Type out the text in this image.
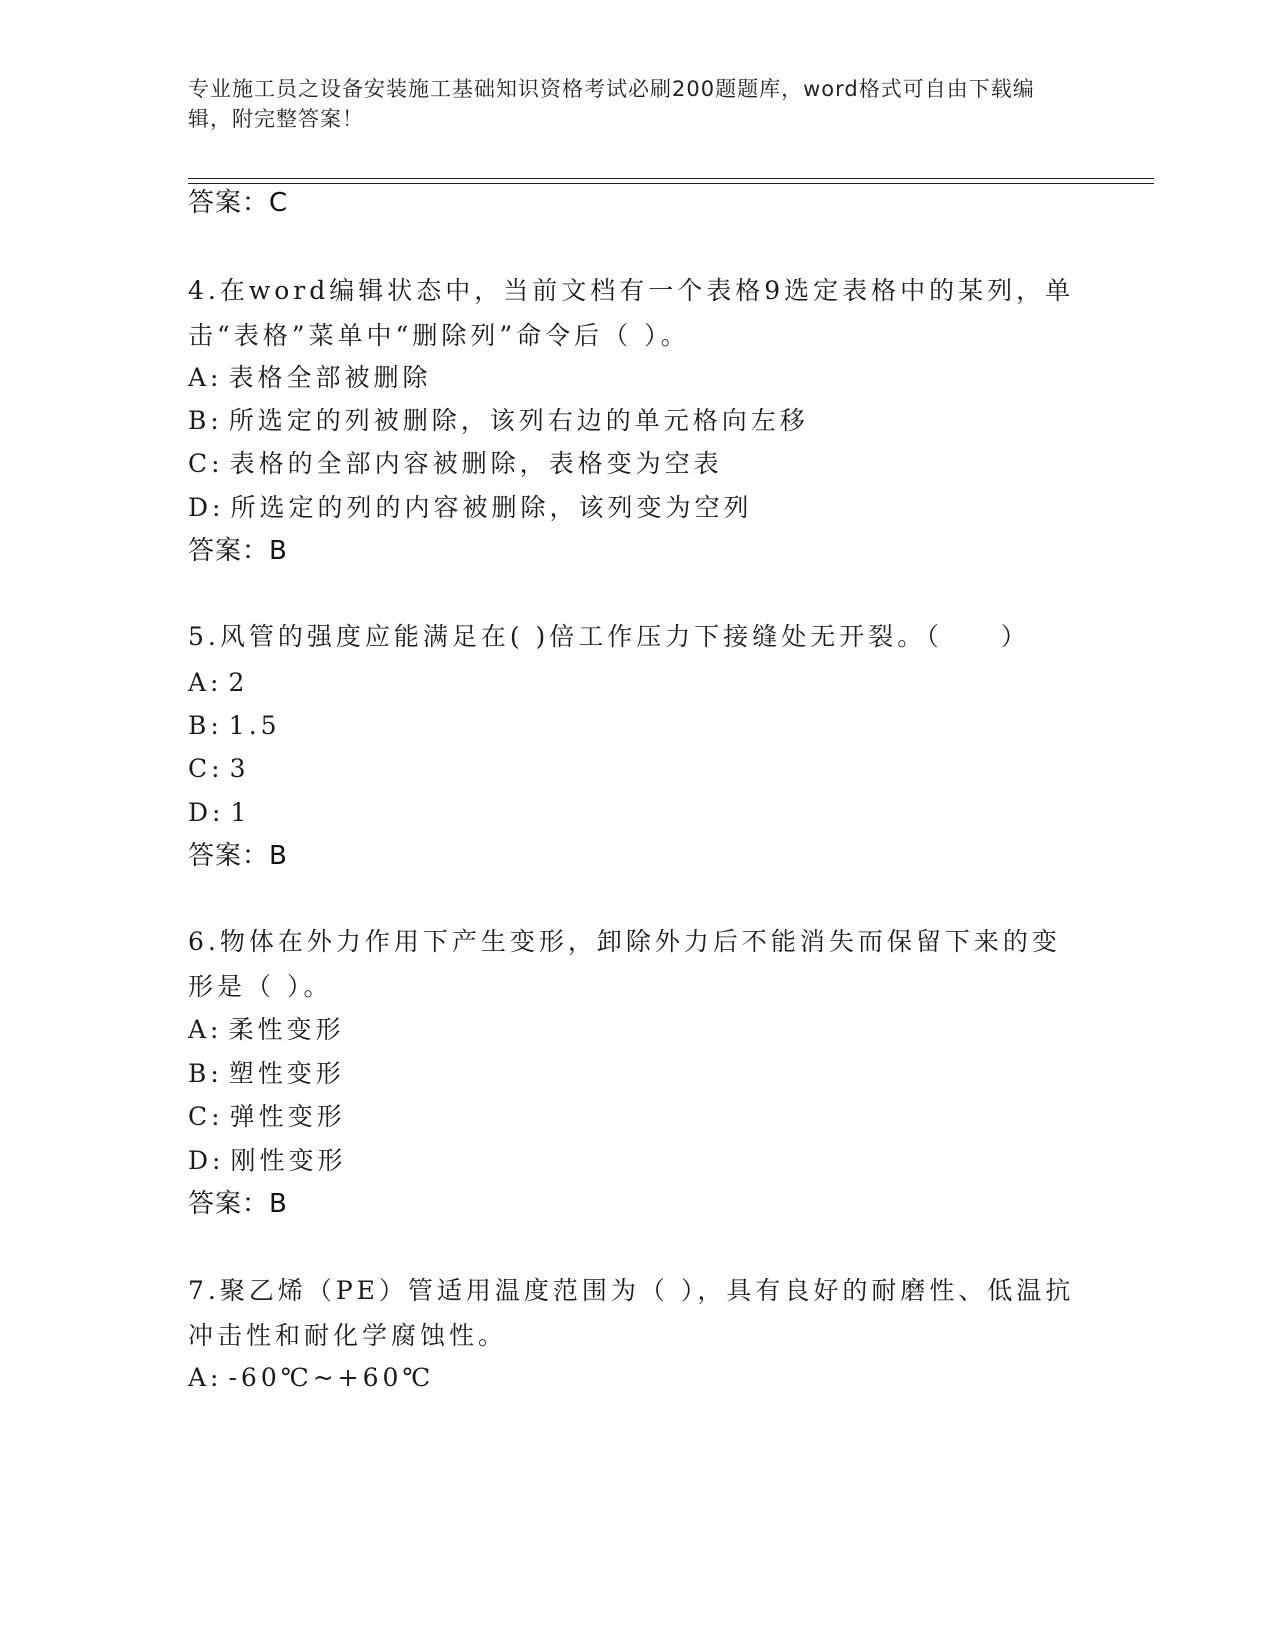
专业施工员之设备安装施工基础知识资格考试必刷200题题库，word格式可自由下载编辑，附完整答案！
答案：C
4.在word编辑状态中，当前文档有一个表格9选定表格中的某列，单击“表格”菜单中“删除列”命令后（ ）。
A: 表格全部被删除
B: 所选定的列被删除，该列右边的单元格向左移
C: 表格的全部内容被删除，表格变为空表
D: 所选定的列的内容被删除，该列变为空列
答案：B
5.风管的强度应能满足在( )倍工作压力下接缝处无开裂。（　　）
A: 2
B: 1.5
C: 3
D: 1
答案：B
6.物体在外力作用下产生变形，卸除外力后不能消失而保留下来的变形是（ ）。
A: 柔性变形
B: 塑性变形
C: 弹性变形
D: 刚性变形
答案：B
7.聚乙烯（PE）管适用温度范围为（ ），具有良好的耐磨性、低温抗冲击性和耐化学腐蚀性。
A: -60℃~+60℃
